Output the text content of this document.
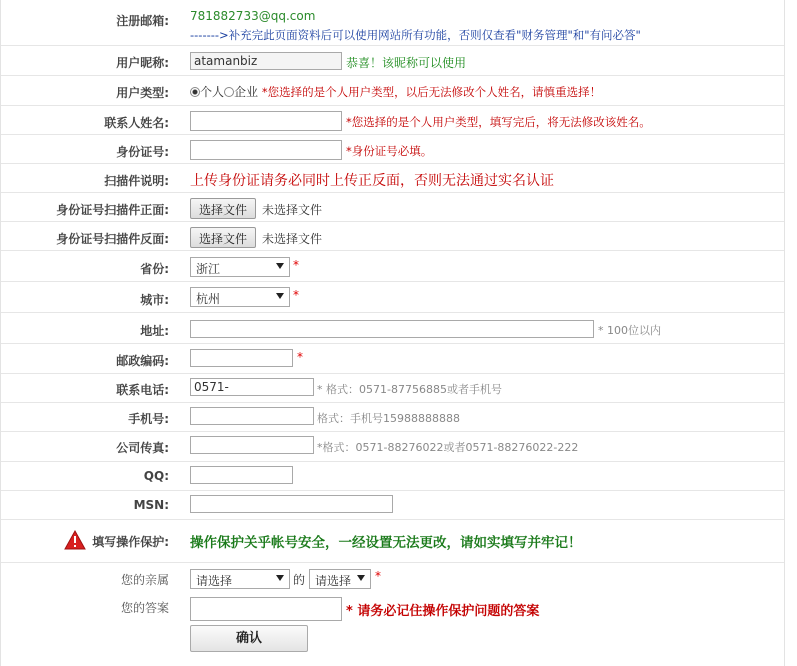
注册邮箱: 781882733@qq.com
------->补充完此页面资料后可以使用网站所有功能，否则仅查看"财务管理"和"有问必答"
用户昵称:
atamanbiz	恭喜！该昵称可以使用
用户类型:	个人 企业 *您选择的是个人用户类型，以后无法修改个人姓名，请慎重选择！
联系人姓名:	*您选择的是个人用户类型，填写完后，将无法修改该姓名。
身份证号:	*身份证号必填。
扫描件说明: 上传身份证请务必同时上传正反面，否则无法通过实名认证
身份证号扫描件正面:	选择文件	未选择文件
身份证号扫描件反面:	选择文件	未选择文件
省份:	浙江	*
城市:	杭州	*
地址:	* 100位以内
邮政编码:	*
联系电话:
0571-	* 格式：0571-87756885或者手机号
手机号:	格式：手机号15988888888
公司传真:	*格式：0571-88276022或者0571-88276022-222
QQ:
MSN:
填写操作保护: 操作保护关乎帐号安全，一经设置无法更改，请如实填写并牢记！
您的亲属	请选择	的 请选择	*
您的答案	* 请务必记住操作保护问题的答案
确认
